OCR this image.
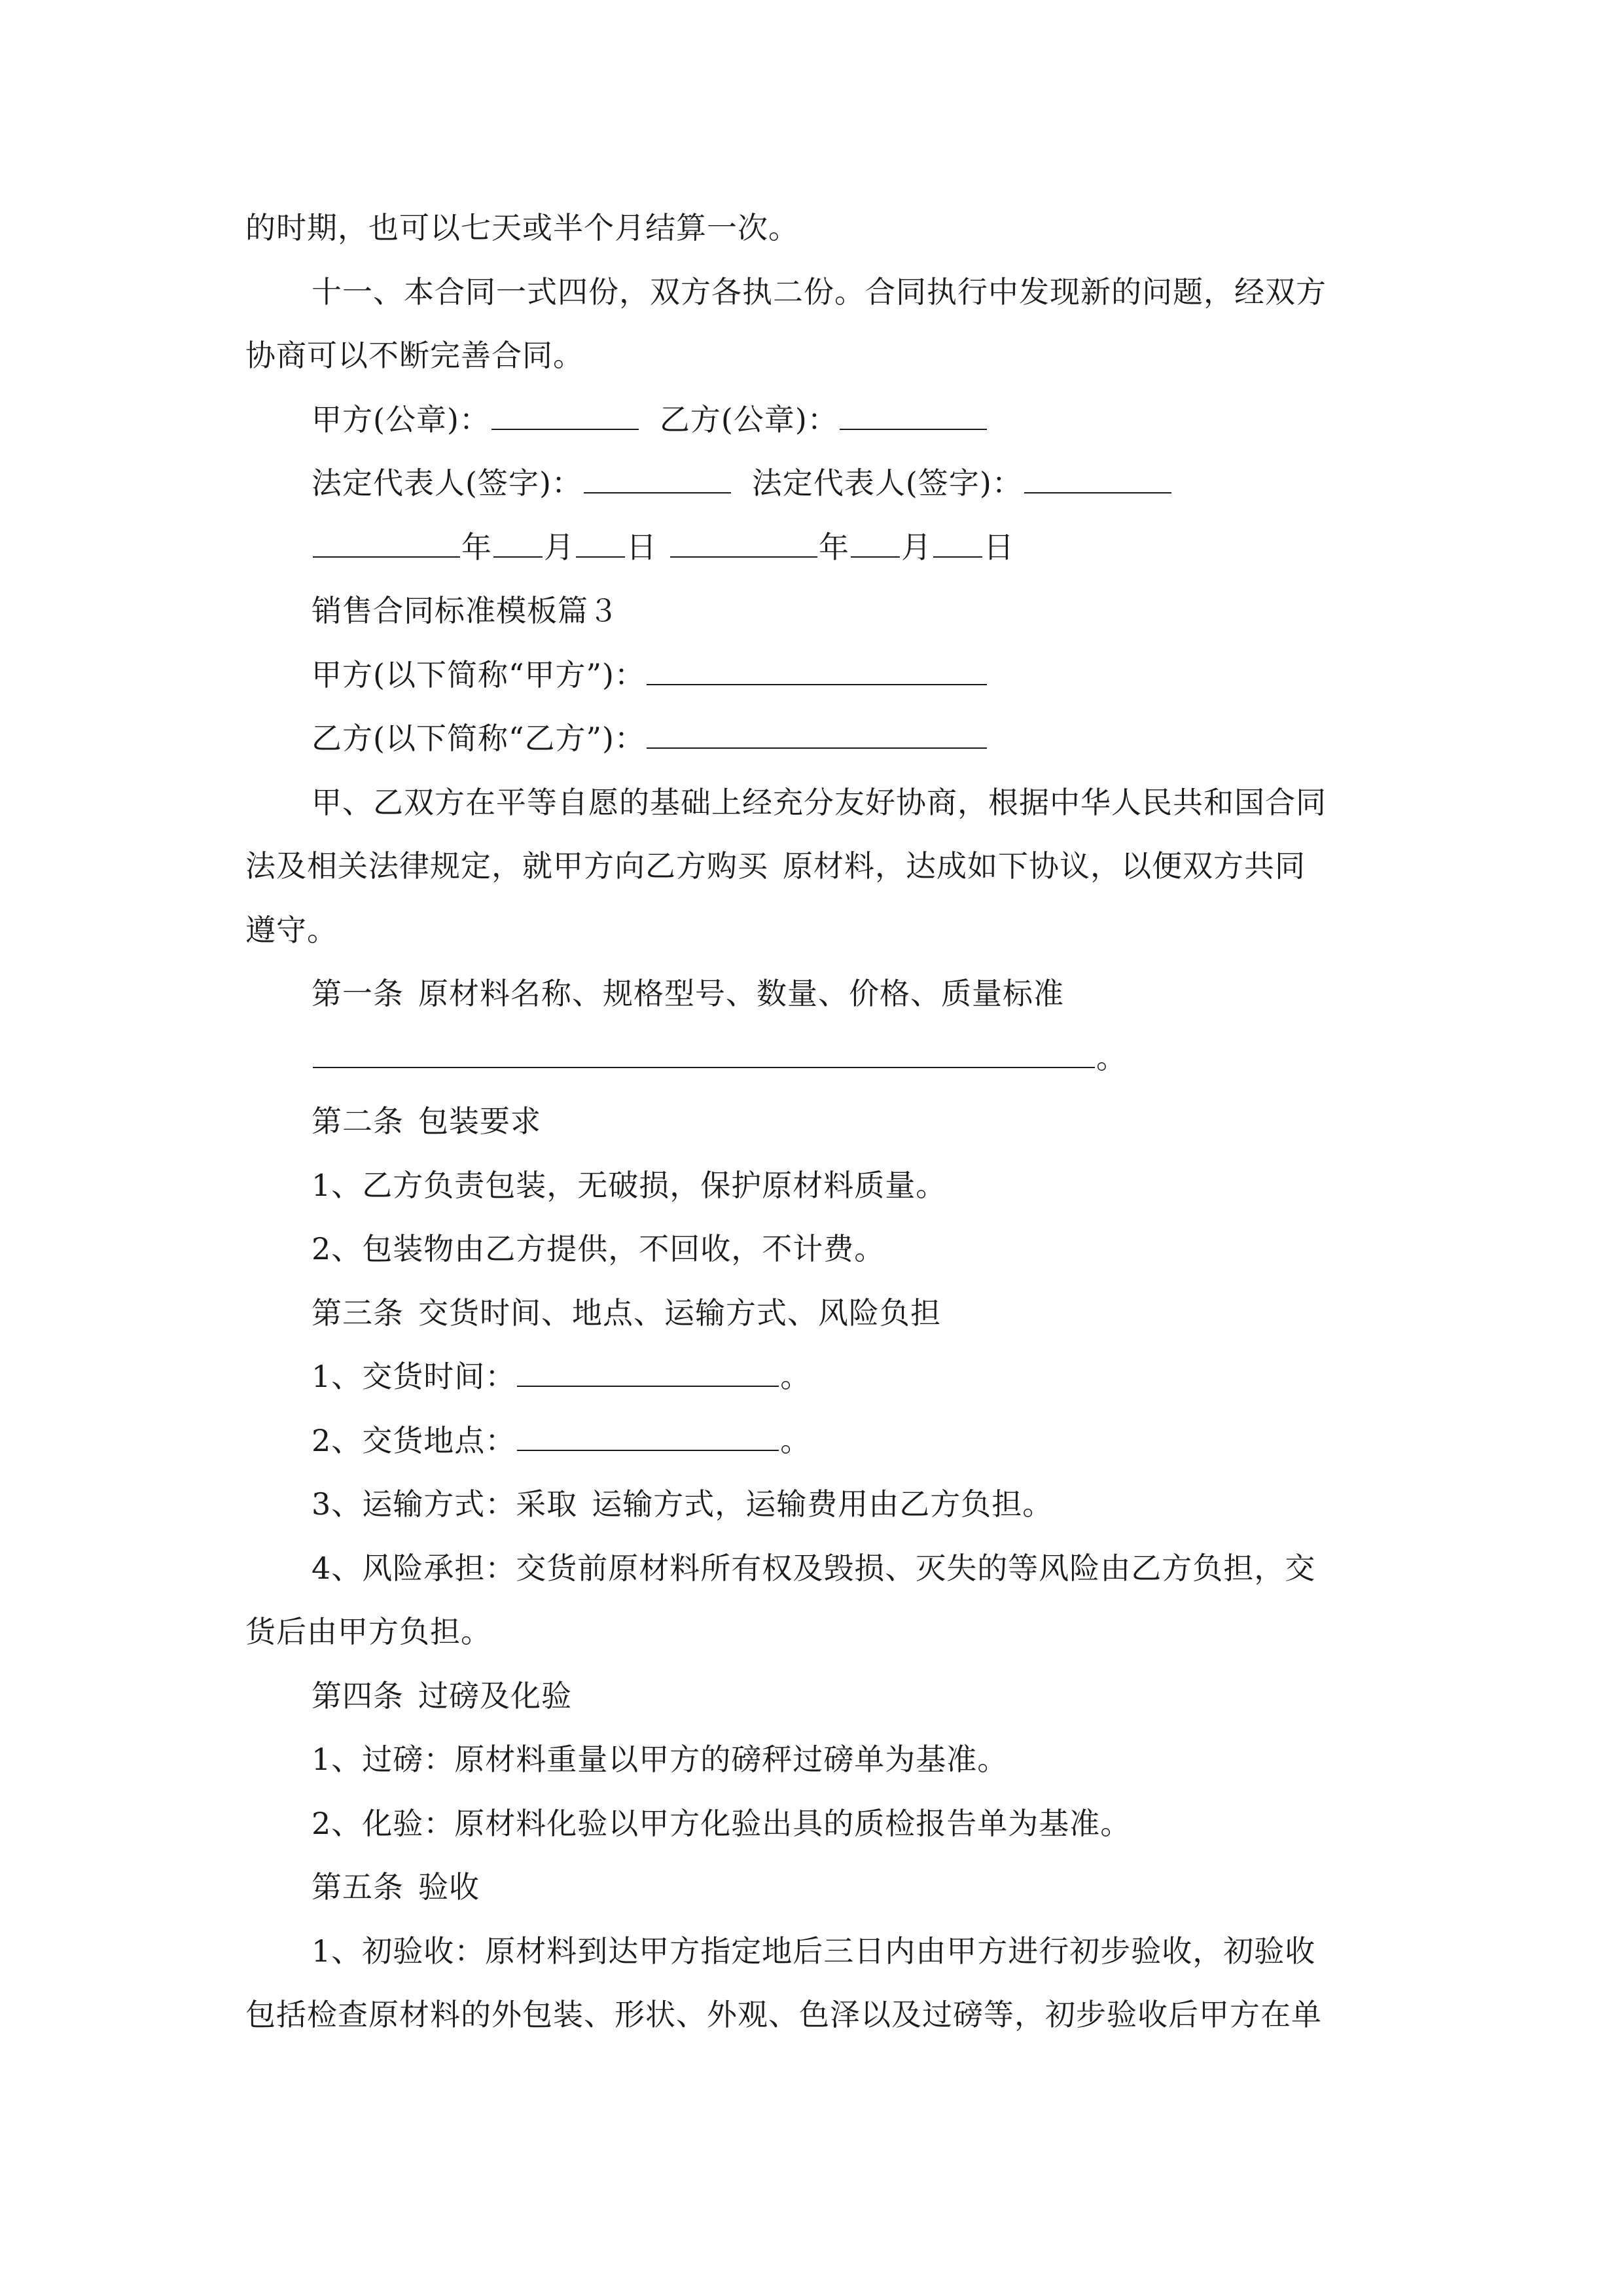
的时期，也可以七天或半个月结算一次。
十一、本合同一式四份，双方各执二份。合同执行中发现新的问题，经双方
协商可以不断完善合同。
甲方(公章)：	乙方(公章)：
法定代表人(签字)：	法定代表人(签字)：
年 月 日	年 月 日
销售合同标准模板篇３
甲方(以下简称“甲方”)：
乙方(以下简称“乙方”)：
甲、乙双方在平等自愿的基础上经充分友好协商，根据中华人民共和国合同
法及相关法律规定，就甲方向乙方购买 原材料，达成如下协议，以便双方共同
遵守。
第一条 原材料名称、规格型号、数量、价格、质量标准
。
第二条 包装要求
1、乙方负责包装，无破损，保护原材料质量。
2、包装物由乙方提供，不回收，不计费。
第三条 交货时间、地点、运输方式、风险负担
1、交货时间：	。
2、交货地点：	。
3、运输方式：采取 运输方式，运输费用由乙方负担。
4、风险承担：交货前原材料所有权及毁损、灭失的等风险由乙方负担，交
货后由甲方负担。
第四条 过磅及化验
1、过磅：原材料重量以甲方的磅秤过磅单为基准。
2、化验：原材料化验以甲方化验出具的质检报告单为基准。
第五条 验收
1、初验收：原材料到达甲方指定地后三日内由甲方进行初步验收，初验收
包括检查原材料的外包装、形状、外观、色泽以及过磅等，初步验收后甲方在单
